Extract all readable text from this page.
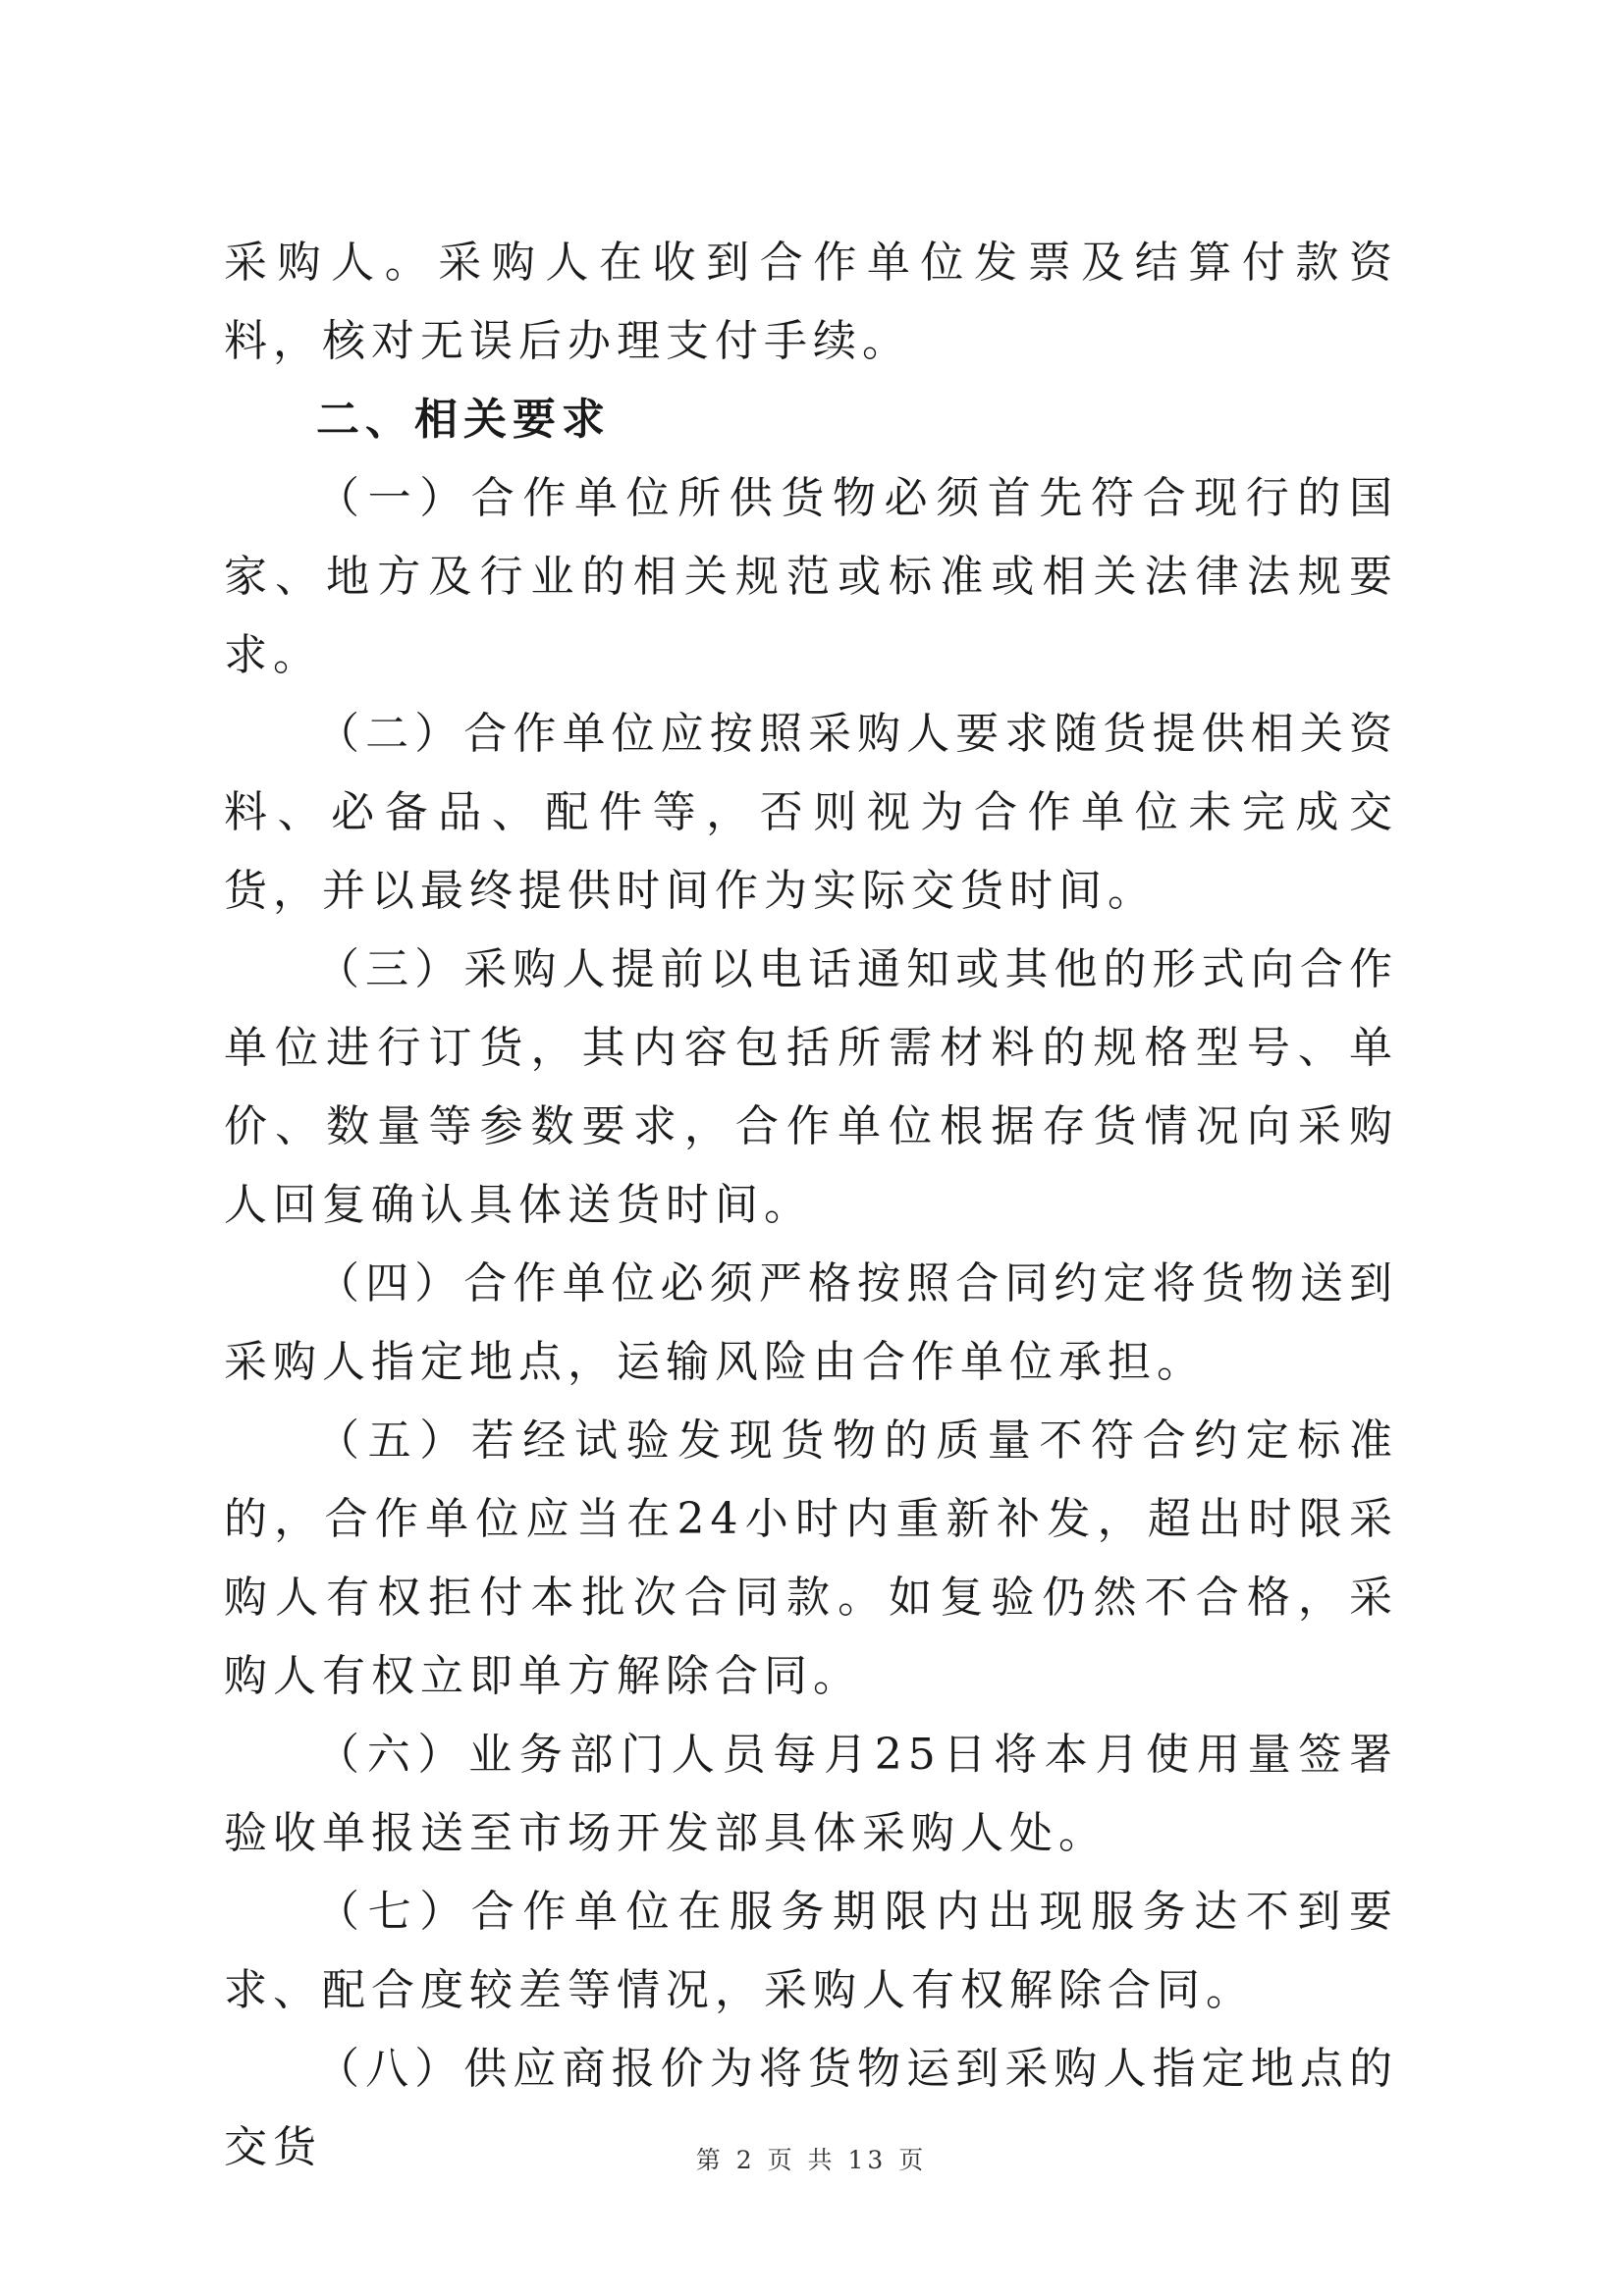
采购人。采购人在收到合作单位发票及结算付款资料，核对无误后办理支付手续。

二、相关要求

（一）合作单位所供货物必须首先符合现行的国家、地方及行业的相关规范或标准或相关法律法规要求。

（二）合作单位应按照采购人要求随货提供相关资料、必备品、配件等，否则视为合作单位未完成交货，并以最终提供时间作为实际交货时间。

（三）采购人提前以电话通知或其他的形式向合作单位进行订货，其内容包括所需材料的规格型号、单价、数量等参数要求，合作单位根据存货情况向采购人回复确认具体送货时间。

（四）合作单位必须严格按照合同约定将货物送到采购人指定地点，运输风险由合作单位承担。

（五）若经试验发现货物的质量不符合约定标准的，合作单位应当在24小时内重新补发，超出时限采购人有权拒付本批次合同款。如复验仍然不合格，采购人有权立即单方解除合同。

（六）业务部门人员每月25日将本月使用量签署验收单报送至市场开发部具体采购人处。

（七）合作单位在服务期限内出现服务达不到要求、配合度较差等情况，采购人有权解除合同。

（八）供应商报价为将货物运到采购人指定地点的交货	第 2 页 共 13 页
